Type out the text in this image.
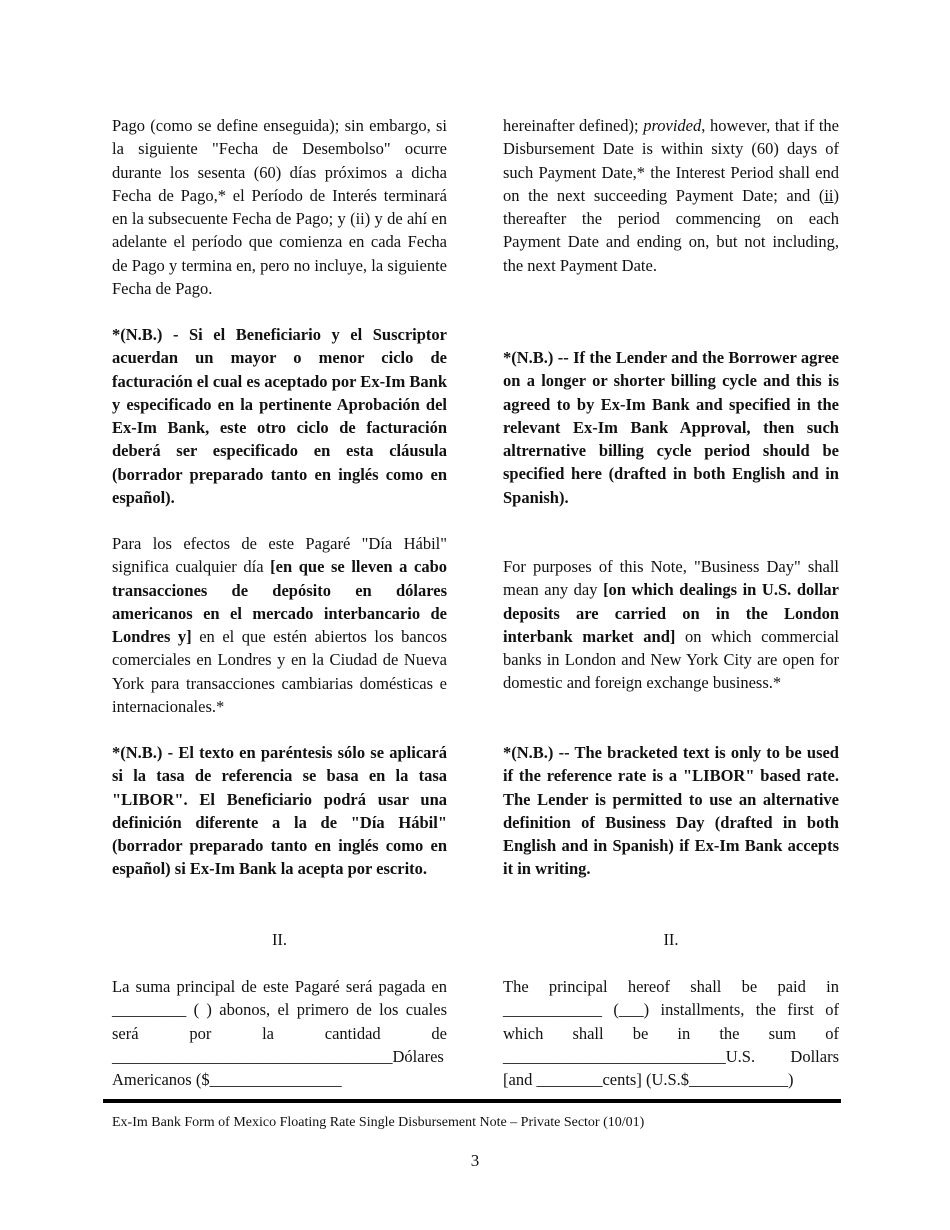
Pago (como se define enseguida); sin embargo, si la siguiente "Fecha de Desembolso" ocurre durante los sesenta (60) días próximos a dicha Fecha de Pago,* el Período de Interés terminará en la subsecuente Fecha de Pago; y (ii) y de ahí en adelante el período que comienza en cada Fecha de Pago y termina en, pero no incluye, la siguiente Fecha de Pago.

*(N.B.) - Si el Beneficiario y el Suscriptor acuerdan un mayor o menor ciclo de facturación el cual es aceptado por Ex-Im Bank y especificado en la pertinente Aprobación del Ex-Im Bank, este otro ciclo de facturación deberá ser especificado en esta cláusula (borrador preparado tanto en inglés como en español).

Para los efectos de este Pagaré "Día Hábil" significa cualquier día [en que se lleven a cabo transacciones de depósito en dólares americanos en el mercado interbancario de Londres y] en el que estén abiertos los bancos comerciales en Londres y en la Ciudad de Nueva York para transacciones cambiarias domésticas e internacionales.*

*(N.B.) - El texto en paréntesis sólo se aplicará si la tasa de referencia se basa en la tasa "LIBOR". El Beneficiario podrá usar una definición diferente a la de "Día Hábil" (borrador preparado tanto en inglés como en español) si Ex-Im Bank la acepta por escrito.

II.

La suma principal de este Pagaré será pagada en _________ ( ) abonos, el primero de los cuales será por la cantidad de __________________________________Dólares Americanos ($________________

hereinafter defined); provided, however, that if the Disbursement Date is within sixty (60) days of such Payment Date,* the Interest Period shall end on the next succeeding Payment Date; and (ii) thereafter the period commencing on each Payment Date and ending on, but not including, the next Payment Date.

*(N.B.) -- If the Lender and the Borrower agree on a longer or shorter billing cycle and this is agreed to by Ex-Im Bank and specified in the relevant Ex-Im Bank Approval, then such altrernative billing cycle period should be specified here (drafted in both English and in Spanish).

For purposes of this Note, "Business Day" shall mean any day [on which dealings in U.S. dollar deposits are carried on in the London interbank market and] on which commercial banks in London and New York City are open for domestic and foreign exchange business.*

*(N.B.) -- The bracketed text is only to be used if the reference rate is a "LIBOR" based rate. The Lender is permitted to use an alternative definition of Business Day (drafted in both English and in Spanish) if Ex-Im Bank accepts it in writing.

II.

The principal hereof shall be paid in ____________ (___) installments, the first of which shall be in the sum of ___________________________U.S. Dollars [and ________cents] (U.S.$____________)

Ex-Im Bank Form of Mexico Floating Rate Single Disbursement Note – Private Sector (10/01)
3
